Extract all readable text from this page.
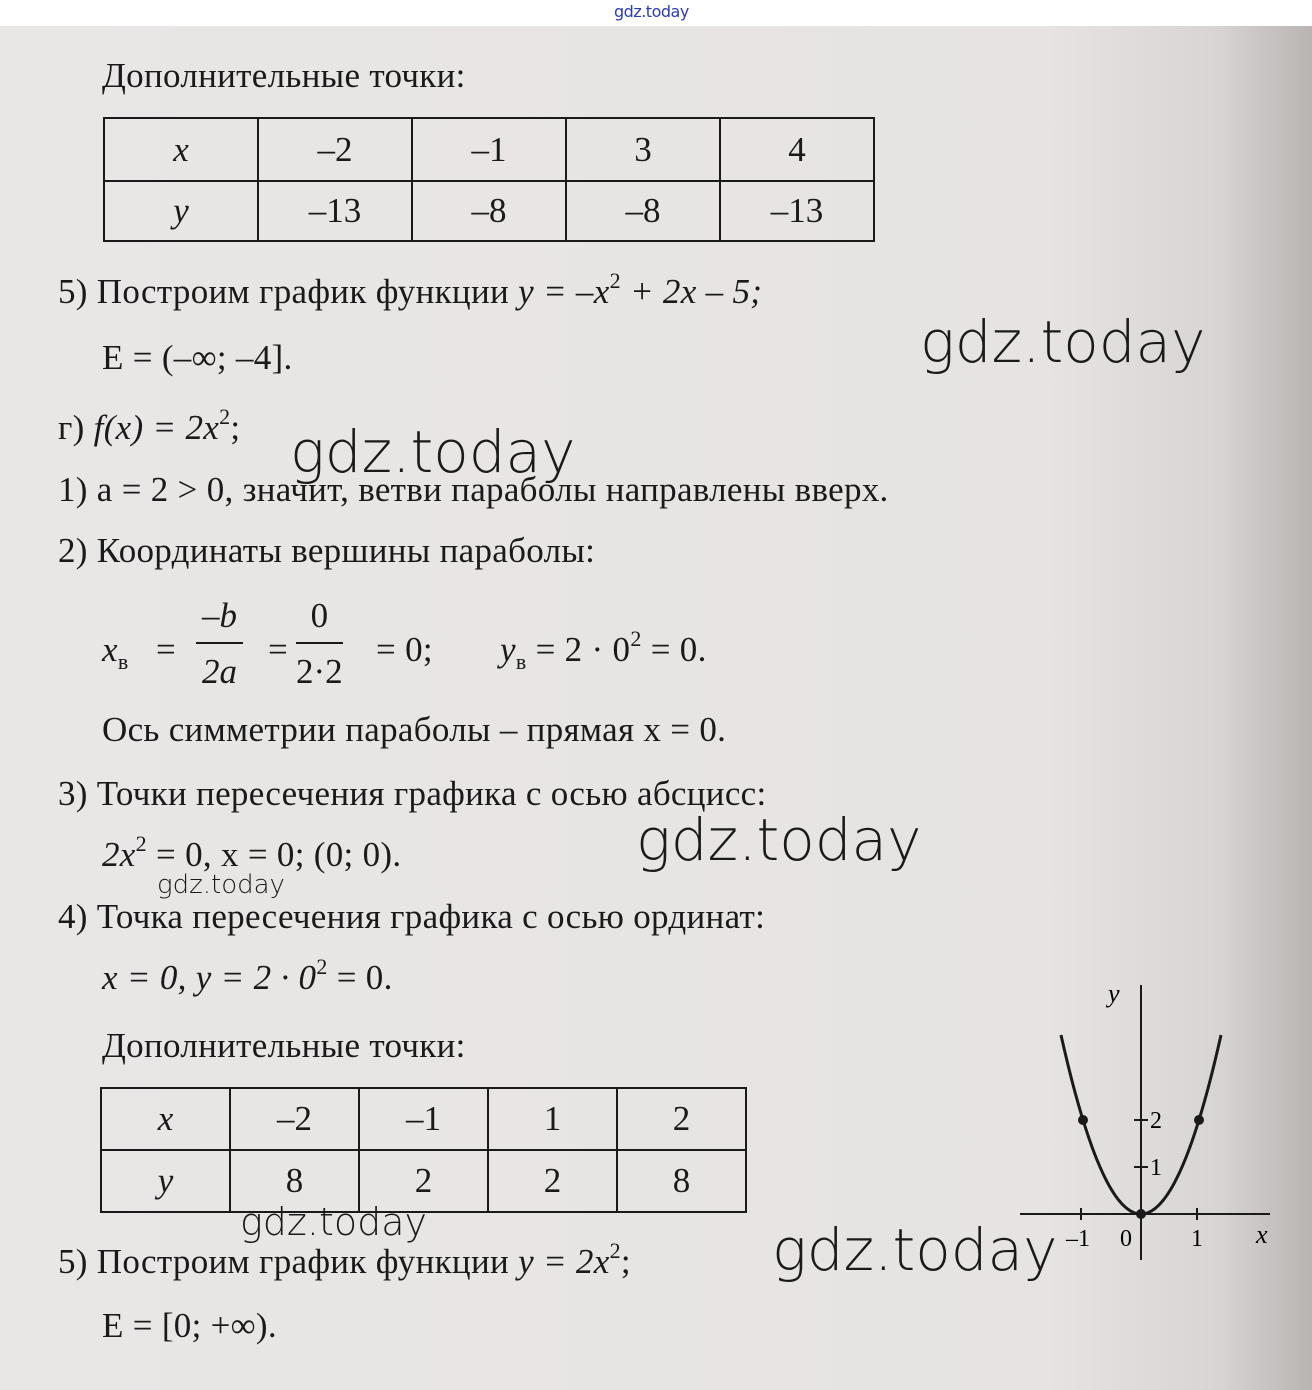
gdz.today
Дополнительные точки:
x	–2	–1	3	4
y	–13	–8	–8	–13
5) Построим график функции $y = -x^2 + 2x - 5$;
E = (–∞; –4].
г) $f(x) = 2x^2$;
1) a = 2 > 0, значит, ветви параболы направлены вверх.
2) Координаты вершины параболы:
$x_в = \frac{-b}{2a} = \frac{0}{2\cdot 2} = 0$; $y_в = 2 \cdot 0^2 = 0$.
Ось симметрии параболы – прямая x = 0.
3) Точки пересечения графика с осью абсцисс:
$2x^2 = 0$, x = 0; (0; 0).
4) Точка пересечения графика с осью ординат:
x = 0, $y = 2 \cdot 0^2 = 0$.
Дополнительные точки:
x	–2	–1	1	2
y	8	2	2	8
5) Построим график функции $y = 2x^2$;
E = [0; +∞).
x
y
2
1
–1 0 1
gdz.today
gdz.today
gdz.today
gdz.today
gdz.today	gdz.today
